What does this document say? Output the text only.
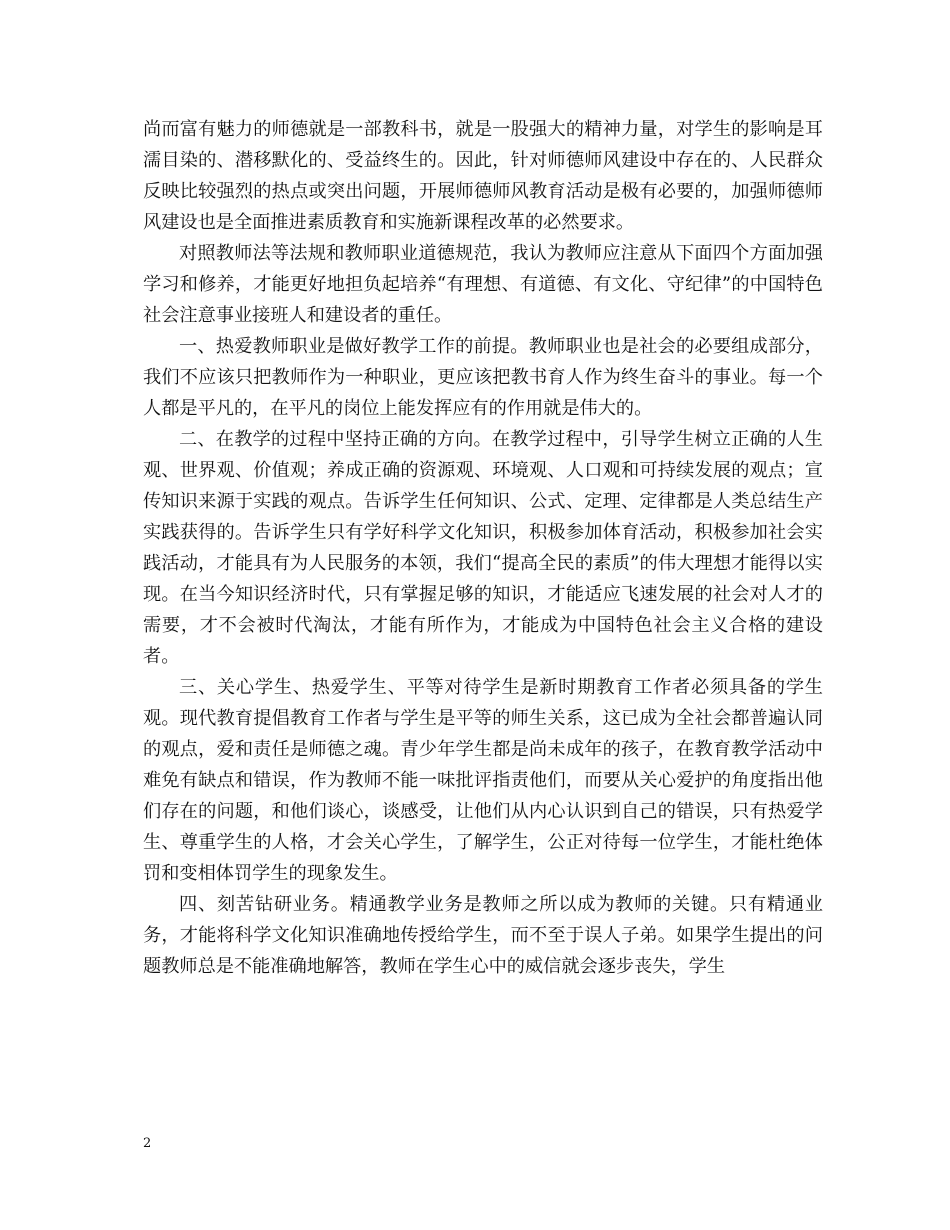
尚而富有魅力的师德就是一部教科书，就是一股强大的精神力量，对学生的影响是耳濡目染的、潜移默化的、受益终生的。因此，针对师德师风建设中存在的、人民群众反映比较强烈的热点或突出问题，开展师德师风教育活动是极有必要的，加强师德师风建设也是全面推进素质教育和实施新课程改革的必然要求。

对照教师法等法规和教师职业道德规范，我认为教师应注意从下面四个方面加强学习和修养，才能更好地担负起培养“有理想、有道德、有文化、守纪律”的中国特色社会注意事业接班人和建设者的重任。

一、热爱教师职业是做好教学工作的前提。教师职业也是社会的必要组成部分，我们不应该只把教师作为一种职业，更应该把教书育人作为终生奋斗的事业。每一个人都是平凡的，在平凡的岗位上能发挥应有的作用就是伟大的。

二、在教学的过程中坚持正确的方向。在教学过程中，引导学生树立正确的人生观、世界观、价值观；养成正确的资源观、环境观、人口观和可持续发展的观点；宣传知识来源于实践的观点。告诉学生任何知识、公式、定理、定律都是人类总结生产实践获得的。告诉学生只有学好科学文化知识，积极参加体育活动，积极参加社会实践活动，才能具有为人民服务的本领，我们“提高全民的素质”的伟大理想才能得以实现。在当今知识经济时代，只有掌握足够的知识，才能适应飞速发展的社会对人才的需要，才不会被时代淘汰，才能有所作为，才能成为中国特色社会主义合格的建设者。

三、关心学生、热爱学生、平等对待学生是新时期教育工作者必须具备的学生观。现代教育提倡教育工作者与学生是平等的师生关系，这已成为全社会都普遍认同的观点，爱和责任是师德之魂。青少年学生都是尚未成年的孩子，在教育教学活动中难免有缺点和错误，作为教师不能一味批评指责他们，而要从关心爱护的角度指出他们存在的问题，和他们谈心，谈感受，让他们从内心认识到自己的错误，只有热爱学生、尊重学生的人格，才会关心学生，了解学生，公正对待每一位学生，才能杜绝体罚和变相体罚学生的现象发生。

四、刻苦钻研业务。精通教学业务是教师之所以成为教师的关键。只有精通业务，才能将科学文化知识准确地传授给学生，而不至于误人子弟。如果学生提出的问题教师总是不能准确地解答，教师在学生心中的威信就会逐步丧失，学生

2
